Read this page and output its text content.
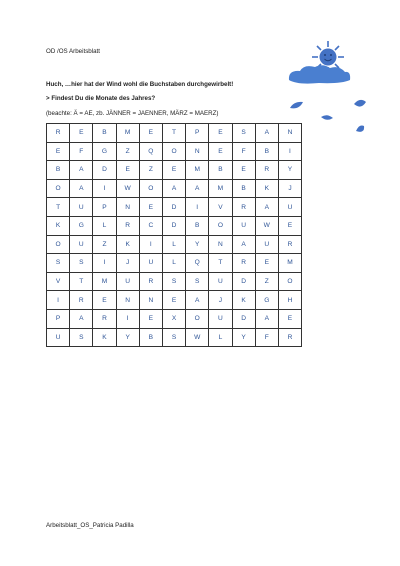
OD /OS Arbeitsblatt
Huch, …hier hat der Wind wohl die Buchstaben durchgewirbelt!
> Findest Du die Monate des Jahres?
(beachte: Ä = AE, zb. JÄNNER = JAENNER, MÄRZ = MAERZ)
R	E	B	M	E	T	P	E	S	A	N
E	F	G	Z	Q	O	N	E	F	B	I
B	A	D	E	Z	E	M	B	E	R	Y
O	A	I	W	O	A	A	M	B	K	J
T	U	P	N	E	D	I	V	R	A	U
K	G	L	R	C	D	B	O	U	W	E
O	U	Z	K	I	L	Y	N	A	U	R
S	S	I	J	U	L	Q	T	R	E	M
V	T	M	U	R	S	S	U	D	Z	O
I	R	E	N	N	E	A	J	K	G	H
P	A	R	I	E	X	O	U	D	A	E
U	S	K	Y	B	S	W	L	Y	F	R
Arbeitsblatt_OS_Patricia Padilla
